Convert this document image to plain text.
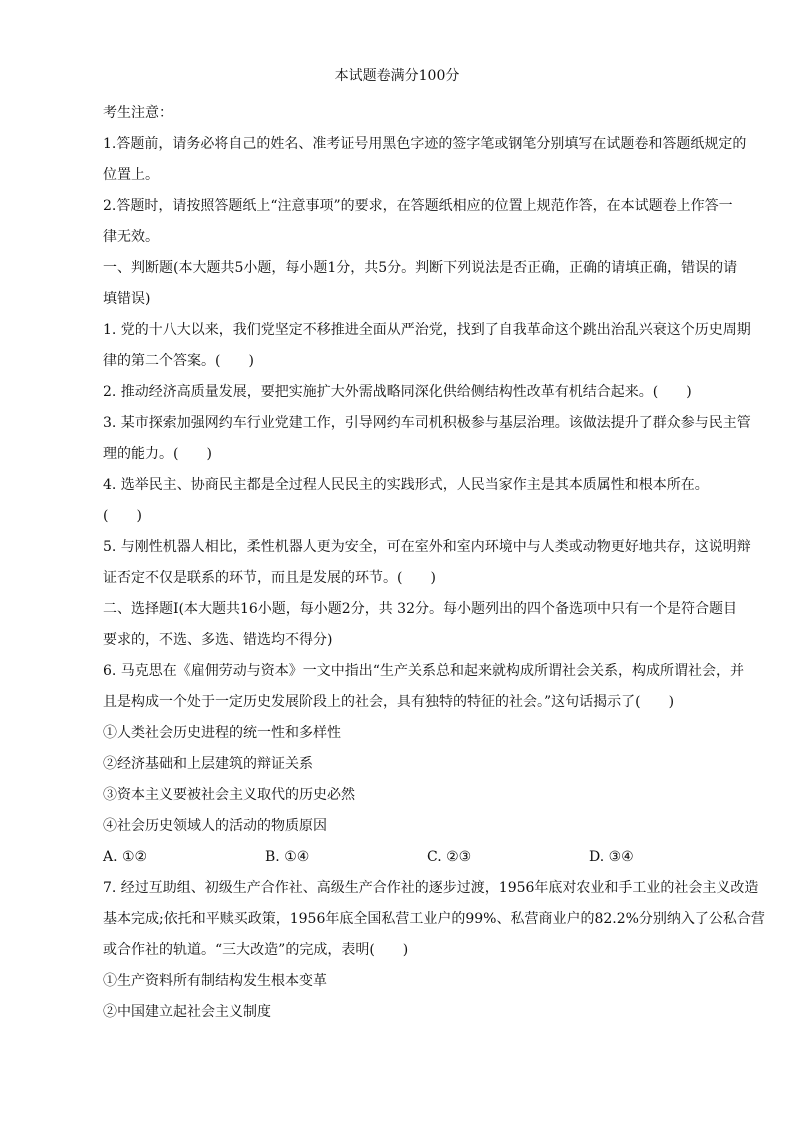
本试题卷满分100分
考生注意：
1.答题前，请务必将自己的姓名、准考证号用黑色字迹的签字笔或钢笔分别填写在试题卷和答题纸规定的
位置上。
2.答题时，请按照答题纸上“注意事项”的要求，在答题纸相应的位置上规范作答，在本试题卷上作答一
律无效。
一、判断题(本大题共5小题，每小题1分，共5分。判断下列说法是否正确，正确的请填正确，错误的请
填错误)
1. 党的十八大以来，我们党坚定不移推进全面从严治党，找到了自我革命这个跳出治乱兴衰这个历史周期
律的第二个答案。(　　)
2. 推动经济高质量发展，要把实施扩大外需战略同深化供给侧结构性改革有机结合起来。(　　)
3. 某市探索加强网约车行业党建工作，引导网约车司机积极参与基层治理。该做法提升了群众参与民主管
理的能力。(　　)
4. 选举民主、协商民主都是全过程人民民主的实践形式，人民当家作主是其本质属性和根本所在。
(　　)
5. 与刚性机器人相比，柔性机器人更为安全，可在室外和室内环境中与人类或动物更好地共存，这说明辩
证否定不仅是联系的环节，而且是发展的环节。(　　)
二、选择题Ⅰ(本大题共16小题，每小题2分，共 32分。每小题列出的四个备选项中只有一个是符合题目
要求的，不选、多选、错选均不得分)
6. 马克思在《雇佣劳动与资本》一文中指出“生产关系总和起来就构成所谓社会关系，构成所谓社会，并
且是构成一个处于一定历史发展阶段上的社会，具有独特的特征的社会。”这句话揭示了(　　)
①人类社会历史进程的统一性和多样性
②经济基础和上层建筑的辩证关系
③资本主义要被社会主义取代的历史必然
④社会历史领域人的活动的物质原因
A. ①②	B. ①④	C. ②③	D. ③④
7. 经过互助组、初级生产合作社、高级生产合作社的逐步过渡，1956年底对农业和手工业的社会主义改造
基本完成;依托和平赎买政策，1956年底全国私营工业户的99%、私营商业户的82.2%分别纳入了公私合营
或合作社的轨道。“三大改造”的完成，表明(　　)
①生产资料所有制结构发生根本变革
②中国建立起社会主义制度
